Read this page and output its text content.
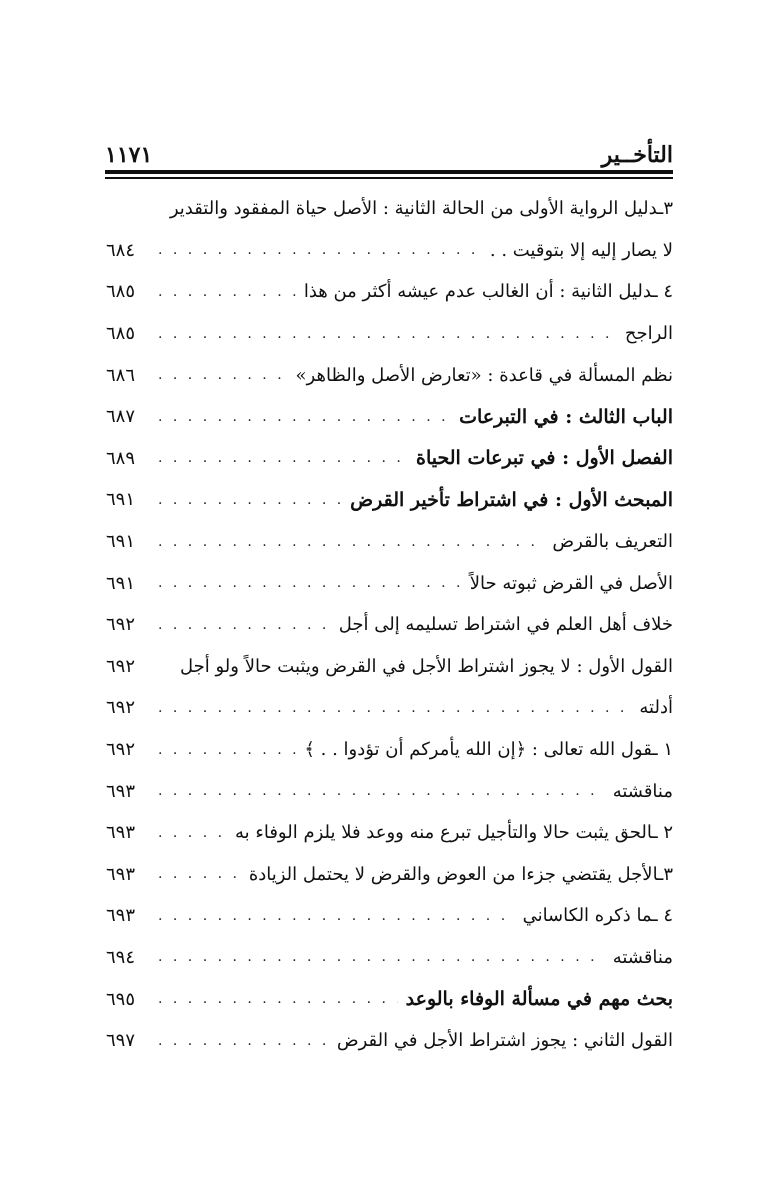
١١٧١	التأخــير
٣ـدليل الرواية الأولى من الحالة الثانية : الأصل حياة المفقود والتقدير
لا يصار إليه إلا بتوقيت . .
. . .
٦٨٤
٤ ـدليل الثانية : أن الغالب عدم عيشه أكثر من هذا
. . .
٦٨٥
الراجح
. . .
٦٨٥
نظم المسألة في قاعدة : «تعارض الأصل والظاهر»
. . .
٦٨٦
الباب الثالث : في التبرعات
. . .
٦٨٧
الفصل الأول : في تبرعات الحياة
. . .
٦٨٩
المبحث الأول : في اشتراط تأخير القرض
. . .
٦٩١
التعريف بالقرض
. . .
٦٩١
الأصل في القرض ثبوته حالاً
. . .
٦٩١
خلاف أهل العلم في اشتراط تسليمه إلى أجل
. . .
٦٩٢
القول الأول : لا يجوز اشتراط الأجل في القرض ويثبت حالاً ولو أجل
٦٩٢
أدلته
. . .
٦٩٢
١ ـقول الله تعالى : ﴿إن الله يأمركم أن تؤدوا . . ﴾
. . .
٦٩٢
مناقشته
. . .
٦٩٣
٢ ـالحق يثبت حالا والتأجيل تبرع منه ووعد فلا يلزم الوفاء به
. . .
٦٩٣
٣ـالأجل يقتضي جزءا من العوض والقرض لا يحتمل الزيادة
. . .
٦٩٣
٤ ـما ذكره الكاساني
. . .
٦٩٣
مناقشته
. . .
٦٩٤
بحث مهم في مسألة الوفاء بالوعد
. . .
٦٩٥
القول الثاني : يجوز اشتراط الأجل في القرض
. . .
٦٩٧
